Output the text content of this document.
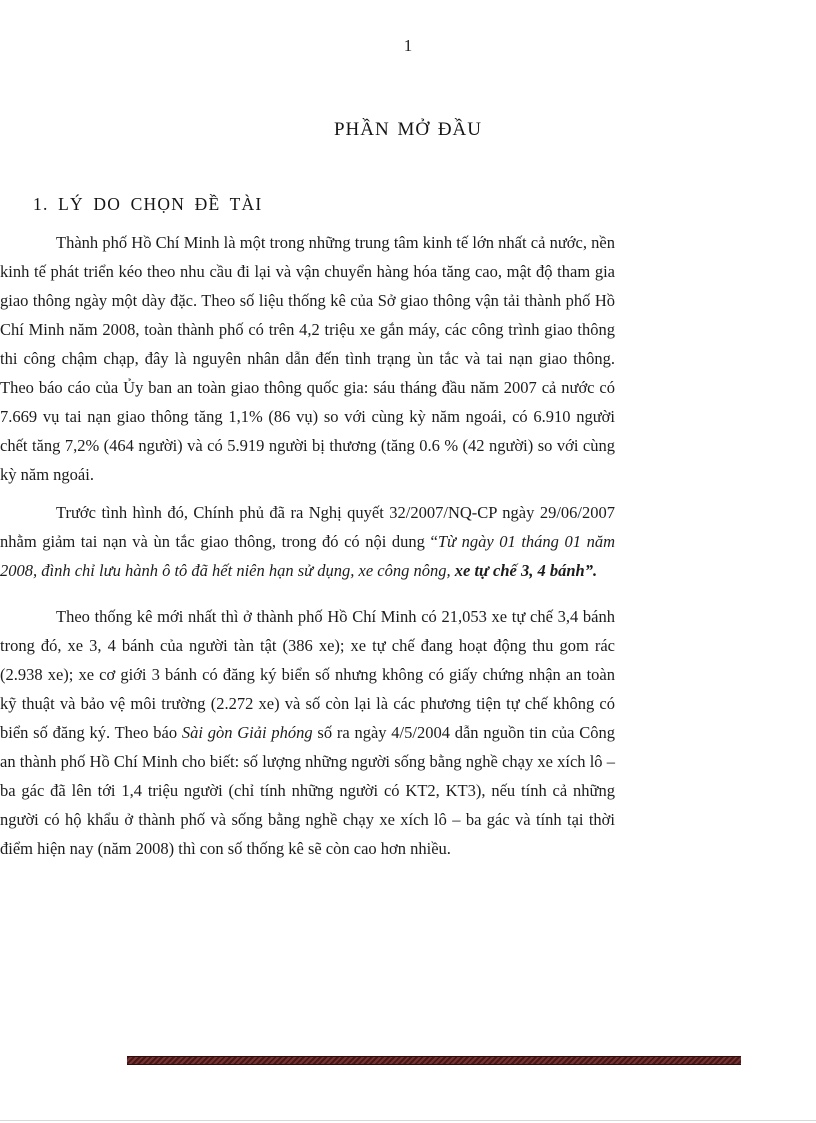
1
PHẦN MỞ ĐẦU
1. LÝ DO CHỌN ĐỀ TÀI

Thành phố Hồ Chí Minh là một trong những trung tâm kinh tế lớn nhất cả nước, nền kinh tế phát triển kéo theo nhu cầu đi lại và vận chuyển hàng hóa tăng cao, mật độ tham gia giao thông ngày một dày đặc. Theo số liệu thống kê của Sở giao thông vận tải thành phố Hồ Chí Minh năm 2008, toàn thành phố có trên 4,2 triệu xe gắn máy, các công trình giao thông thi công chậm chạp, đây là nguyên nhân dẫn đến tình trạng ùn tắc và tai nạn giao thông. Theo báo cáo của Ủy ban an toàn giao thông quốc gia: sáu tháng đầu năm 2007 cả nước có 7.669 vụ tai nạn giao thông tăng 1,1% (86 vụ) so với cùng kỳ năm ngoái, có 6.910 người chết tăng 7,2% (464 người) và có 5.919 người bị thương (tăng 0.6 % (42 người) so với cùng kỳ năm ngoái.

Trước tình hình đó, Chính phủ đã ra Nghị quyết 32/2007/NQ-CP ngày 29/06/2007 nhằm giảm tai nạn và ùn tắc giao thông, trong đó có nội dung “Từ ngày 01 tháng 01 năm 2008, đình chỉ lưu hành ô tô đã hết niên hạn sử dụng, xe công nông, xe tự chế 3, 4 bánh”.

Theo thống kê mới nhất thì ở thành phố Hồ Chí Minh có 21,053 xe tự chế 3,4 bánh trong đó, xe 3, 4 bánh của người tàn tật (386 xe); xe tự chế đang hoạt động thu gom rác (2.938 xe); xe cơ giới 3 bánh có đăng ký biển số nhưng không có giấy chứng nhận an toàn kỹ thuật và bảo vệ môi trường (2.272 xe) và số còn lại là các phương tiện tự chế không có biển số đăng ký. Theo báo Sài gòn Giải phóng số ra ngày 4/5/2004 dẫn nguồn tin của Công an thành phố Hồ Chí Minh cho biết: số lượng những người sống bằng nghề chạy xe xích lô – ba gác đã lên tới 1,4 triệu người (chỉ tính những người có KT2, KT3), nếu tính cả những người có hộ khẩu ở thành phố và sống bằng nghề chạy xe xích lô – ba gác và tính tại thời điểm hiện nay (năm 2008) thì con số thống kê sẽ còn cao hơn nhiều.
